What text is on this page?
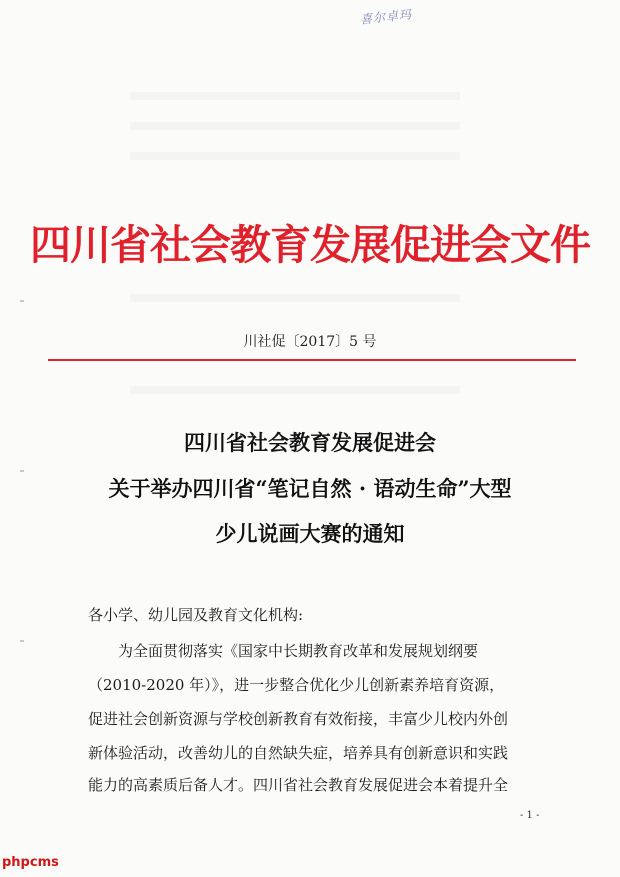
喜尔卓玛
四川省社会教育发展促进会文件
川社促〔2017〕5 号
四川省社会教育发展促进会
关于举办四川省“笔记自然 · 语动生命”大型
少儿说画大赛的通知
各小学、幼儿园及教育文化机构:
为全面贯彻落实《国家中长期教育改革和发展规划纲要
（2010-2020 年）》，进一步整合优化少儿创新素养培育资源，
促进社会创新资源与学校创新教育有效衔接，丰富少儿校内外创
新体验活动，改善幼儿的自然缺失症，培养具有创新意识和实践
能力的高素质后备人才。四川省社会教育发展促进会本着提升全
- 1 -
phpcms
